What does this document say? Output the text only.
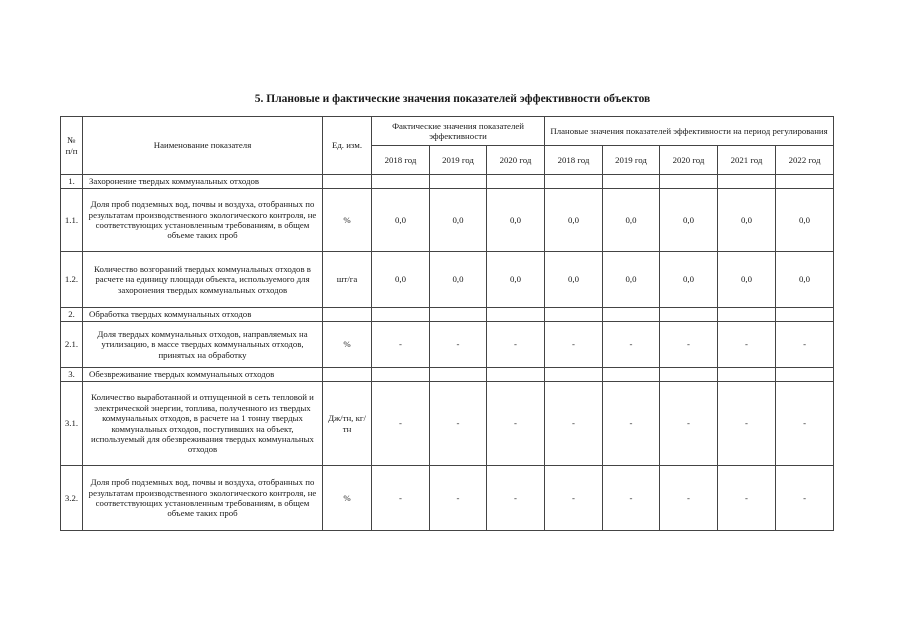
5. Плановые и фактические значения показателей эффективности объектов
№ п/п	Наименование показателя	Ед. изм.	Фактические значения показателей эффективности			Плановые значения показателей эффективности на период регулирования				
			2018 год	2019 год	2020 год	2018 год	2019 год	2020 год	2021 год	2022 год
1.	Захоронение твердых коммунальных отходов									
1.1.	Доля проб подземных вод, почвы и воздуха, отобранных по результатам производственного экологического контроля, не соответствующих установленным требованиям, в общем объеме таких проб	%	0,0	0,0	0,0	0,0	0,0	0,0	0,0	0,0
1.2.	Количество возгораний твердых коммунальных отходов в расчете на единицу площади объекта, используемого для захоронения твердых коммунальных отходов	шт/га	0,0	0,0	0,0	0,0	0,0	0,0	0,0	0,0
2.	Обработка твердых коммунальных отходов									
2.1.	Доля твердых коммунальных отходов, направляемых на утилизацию, в массе твердых коммунальных отходов, принятых на обработку	%	-	-	-	-	-	-	-	-
3.	Обезвреживание твердых коммунальных отходов									
3.1.	Количество выработанной и отпущенной в сеть тепловой и электрической энергии, топлива, полученного из твердых коммунальных отходов, в расчете на 1 тонну твердых коммунальных отходов, поступивших на объект, используемый для обезвреживания твердых коммунальных отходов	Дж/тн, кг/тн	-	-	-	-	-	-	-	-
3.2.	Доля проб подземных вод, почвы и воздуха, отобранных по результатам производственного экологического контроля, не соответствующих установленным требованиям, в общем объеме таких проб	%	-	-	-	-	-	-	-	-
